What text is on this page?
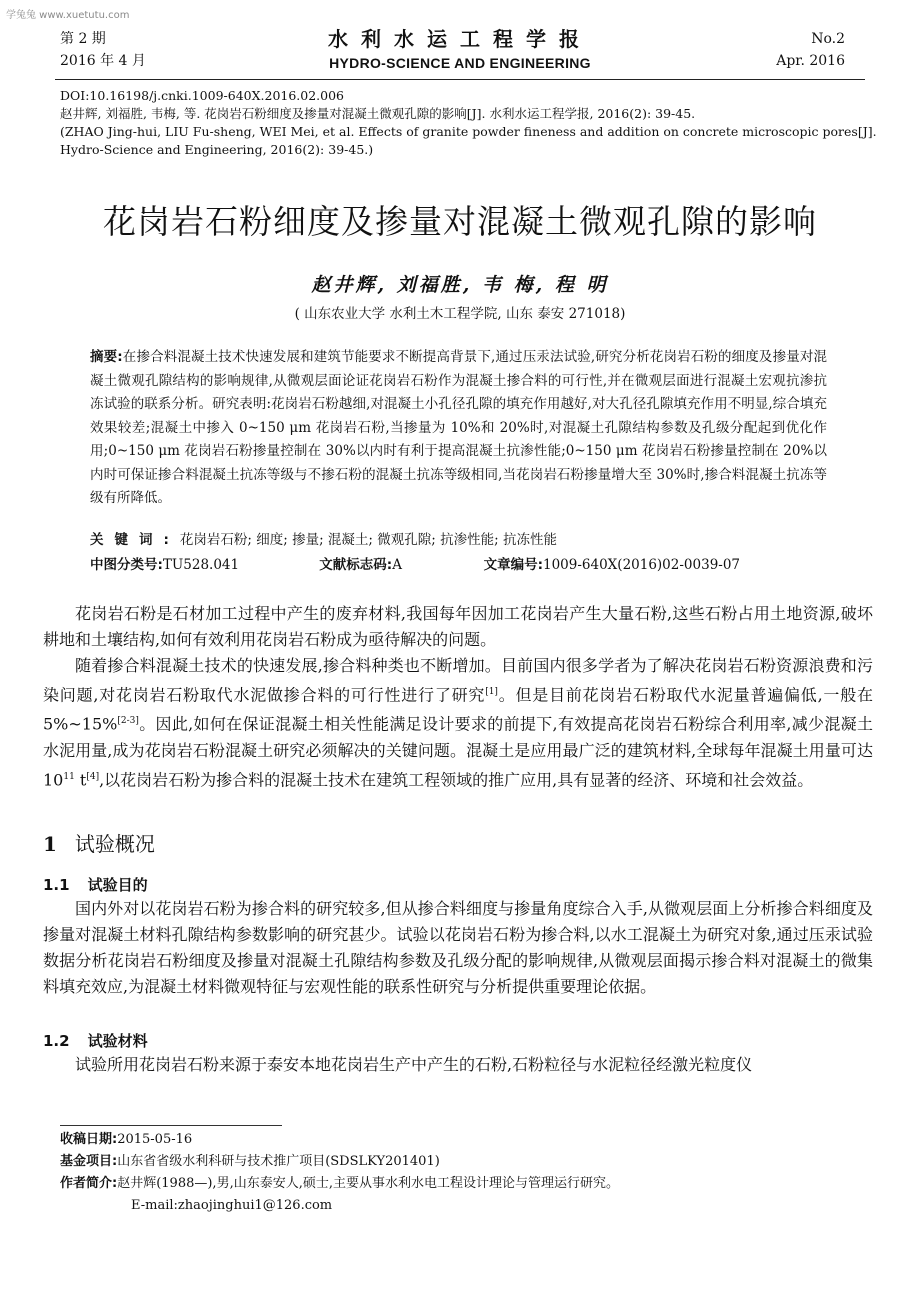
学兔兔 www.xuetutu.com
第 2 期
2016 年 4 月
水利水运工程学报
HYDRO-SCIENCE AND ENGINEERING
No.2
Apr. 2016
DOI:10.16198/j.cnki.1009-640X.2016.02.006
赵井辉, 刘福胜, 韦梅, 等. 花岗岩石粉细度及掺量对混凝土微观孔隙的影响[J]. 水利水运工程学报, 2016(2): 39-45.
(ZHAO Jing-hui, LIU Fu-sheng, WEI Mei, et al. Effects of granite powder fineness and addition on concrete microscopic pores[J].
Hydro-Science and Engineering, 2016(2): 39-45.)
花岗岩石粉细度及掺量对混凝土微观孔隙的影响
赵井辉, 刘福胜, 韦 梅, 程 明
( 山东农业大学 水利土木工程学院, 山东 泰安 271018)
摘要:在掺合料混凝土技术快速发展和建筑节能要求不断提高背景下,通过压汞法试验,研究分析花岗岩石粉的细度及掺量对混凝土微观孔隙结构的影响规律,从微观层面论证花岗岩石粉作为混凝土掺合料的可行性,并在微观层面进行混凝土宏观抗渗抗冻试验的联系分析。研究表明:花岗岩石粉越细,对混凝土小孔径孔隙的填充作用越好,对大孔径孔隙填充作用不明显,综合填充效果较差;混凝土中掺入 0~150 μm 花岗岩石粉,当掺量为 10%和 20%时,对混凝土孔隙结构参数及孔级分配起到优化作用;0~150 μm 花岗岩石粉掺量控制在 30%以内时有利于提高混凝土抗渗性能;0~150 μm 花岗岩石粉掺量控制在 20%以内时可保证掺合料混凝土抗冻等级与不掺石粉的混凝土抗冻等级相同,当花岗岩石粉掺量增大至 30%时,掺合料混凝土抗冻等级有所降低。
关键词:花岗岩石粉; 细度; 掺量; 混凝土; 微观孔隙; 抗渗性能; 抗冻性能
中图分类号:TU528.041	文献标志码:A	文章编号:1009-640X(2016)02-0039-07

花岗岩石粉是石材加工过程中产生的废弃材料,我国每年因加工花岗岩产生大量石粉,这些石粉占用土地资源,破坏耕地和土壤结构,如何有效利用花岗岩石粉成为亟待解决的问题。

随着掺合料混凝土技术的快速发展,掺合料种类也不断增加。目前国内很多学者为了解决花岗岩石粉资源浪费和污染问题,对花岗岩石粉取代水泥做掺合料的可行性进行了研究[1]。但是目前花岗岩石粉取代水泥量普遍偏低,一般在 5%~15%[2-3]。因此,如何在保证混凝土相关性能满足设计要求的前提下,有效提高花岗岩石粉综合利用率,减少混凝土水泥用量,成为花岗岩石粉混凝土研究必须解决的关键问题。混凝土是应用最广泛的建筑材料,全球每年混凝土用量可达$10^{11}$ t[4],以花岗岩石粉为掺合料的混凝土技术在建筑工程领域的推广应用,具有显著的经济、环境和社会效益。

1 试验概况
1.1 试验目的

国内外对以花岗岩石粉为掺合料的研究较多,但从掺合料细度与掺量角度综合入手,从微观层面上分析掺合料细度及掺量对混凝土材料孔隙结构参数影响的研究甚少。试验以花岗岩石粉为掺合料,以水工混凝土为研究对象,通过压汞试验数据分析花岗岩石粉细度及掺量对混凝土孔隙结构参数及孔级分配的影响规律,从微观层面揭示掺合料对混凝土的微集料填充效应,为混凝土材料微观特征与宏观性能的联系性研究与分析提供重要理论依据。

1.2 试验材料

试验所用花岗岩石粉来源于泰安本地花岗岩生产中产生的石粉,石粉粒径与水泥粒径经激光粒度仪

收稿日期:2015-05-16
基金项目:山东省省级水利科研与技术推广项目(SDSLKY201401)
作者简介:赵井辉(1988—),男,山东泰安人,硕士,主要从事水利水电工程设计理论与管理运行研究。
E-mail:zhaojinghui1@126.com
